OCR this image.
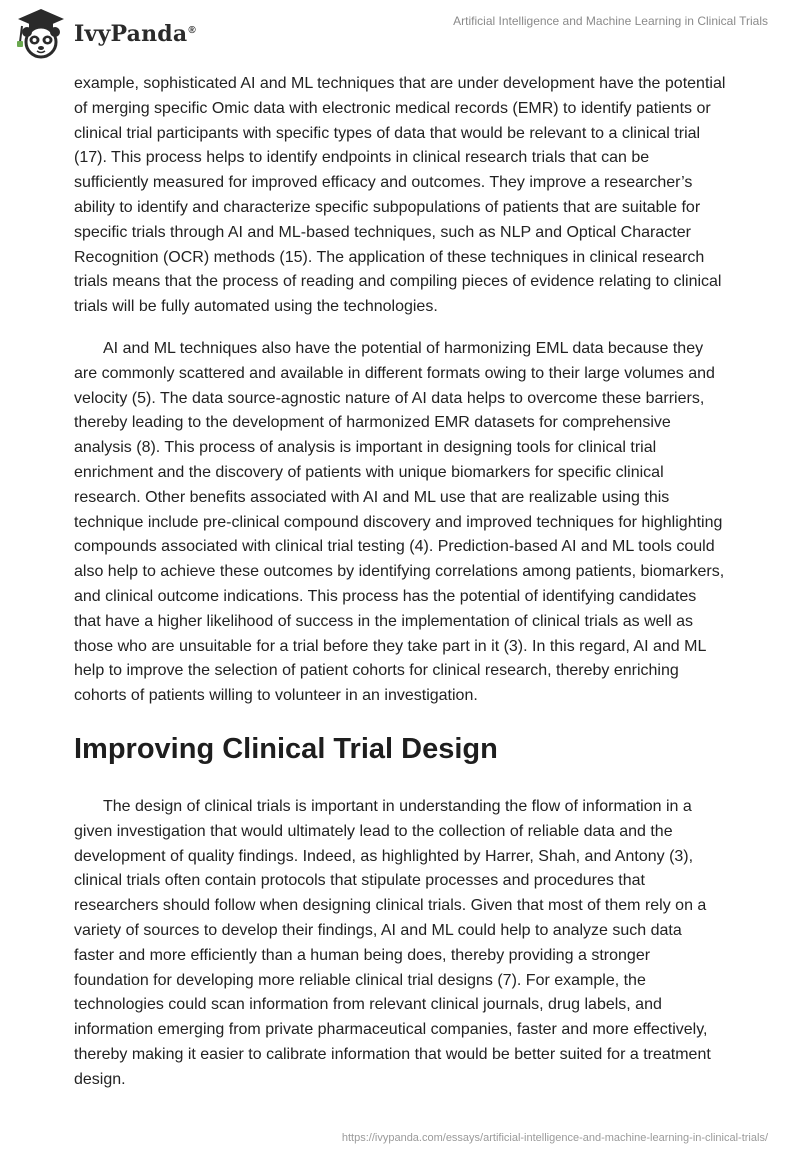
IvyPanda®
Artificial Intelligence and Machine Learning in Clinical Trials

example, sophisticated AI and ML techniques that are under development have the potential of merging specific Omic data with electronic medical records (EMR) to identify patients or clinical trial participants with specific types of data that would be relevant to a clinical trial (17). This process helps to identify endpoints in clinical research trials that can be sufficiently measured for improved efficacy and outcomes. They improve a researcher’s ability to identify and characterize specific subpopulations of patients that are suitable for specific trials through AI and ML-based techniques, such as NLP and Optical Character Recognition (OCR) methods (15). The application of these techniques in clinical research trials means that the process of reading and compiling pieces of evidence relating to clinical trials will be fully automated using the technologies.

AI and ML techniques also have the potential of harmonizing EML data because they are commonly scattered and available in different formats owing to their large volumes and velocity (5). The data source-agnostic nature of AI data helps to overcome these barriers, thereby leading to the development of harmonized EMR datasets for comprehensive analysis (8). This process of analysis is important in designing tools for clinical trial enrichment and the discovery of patients with unique biomarkers for specific clinical research. Other benefits associated with AI and ML use that are realizable using this technique include pre-clinical compound discovery and improved techniques for highlighting compounds associated with clinical trial testing (4). Prediction-based AI and ML tools could also help to achieve these outcomes by identifying correlations among patients, biomarkers, and clinical outcome indications. This process has the potential of identifying candidates that have a higher likelihood of success in the implementation of clinical trials as well as those who are unsuitable for a trial before they take part in it (3). In this regard, AI and ML help to improve the selection of patient cohorts for clinical research, thereby enriching cohorts of patients willing to volunteer in an investigation.

Improving Clinical Trial Design

The design of clinical trials is important in understanding the flow of information in a given investigation that would ultimately lead to the collection of reliable data and the development of quality findings. Indeed, as highlighted by Harrer, Shah, and Antony (3), clinical trials often contain protocols that stipulate processes and procedures that researchers should follow when designing clinical trials. Given that most of them rely on a variety of sources to develop their findings, AI and ML could help to analyze such data faster and more efficiently than a human being does, thereby providing a stronger foundation for developing more reliable clinical trial designs (7). For example, the technologies could scan information from relevant clinical journals, drug labels, and information emerging from private pharmaceutical companies, faster and more effectively, thereby making it easier to calibrate information that would be better suited for a treatment design.

https://ivypanda.com/essays/artificial-intelligence-and-machine-learning-in-clinical-trials/
